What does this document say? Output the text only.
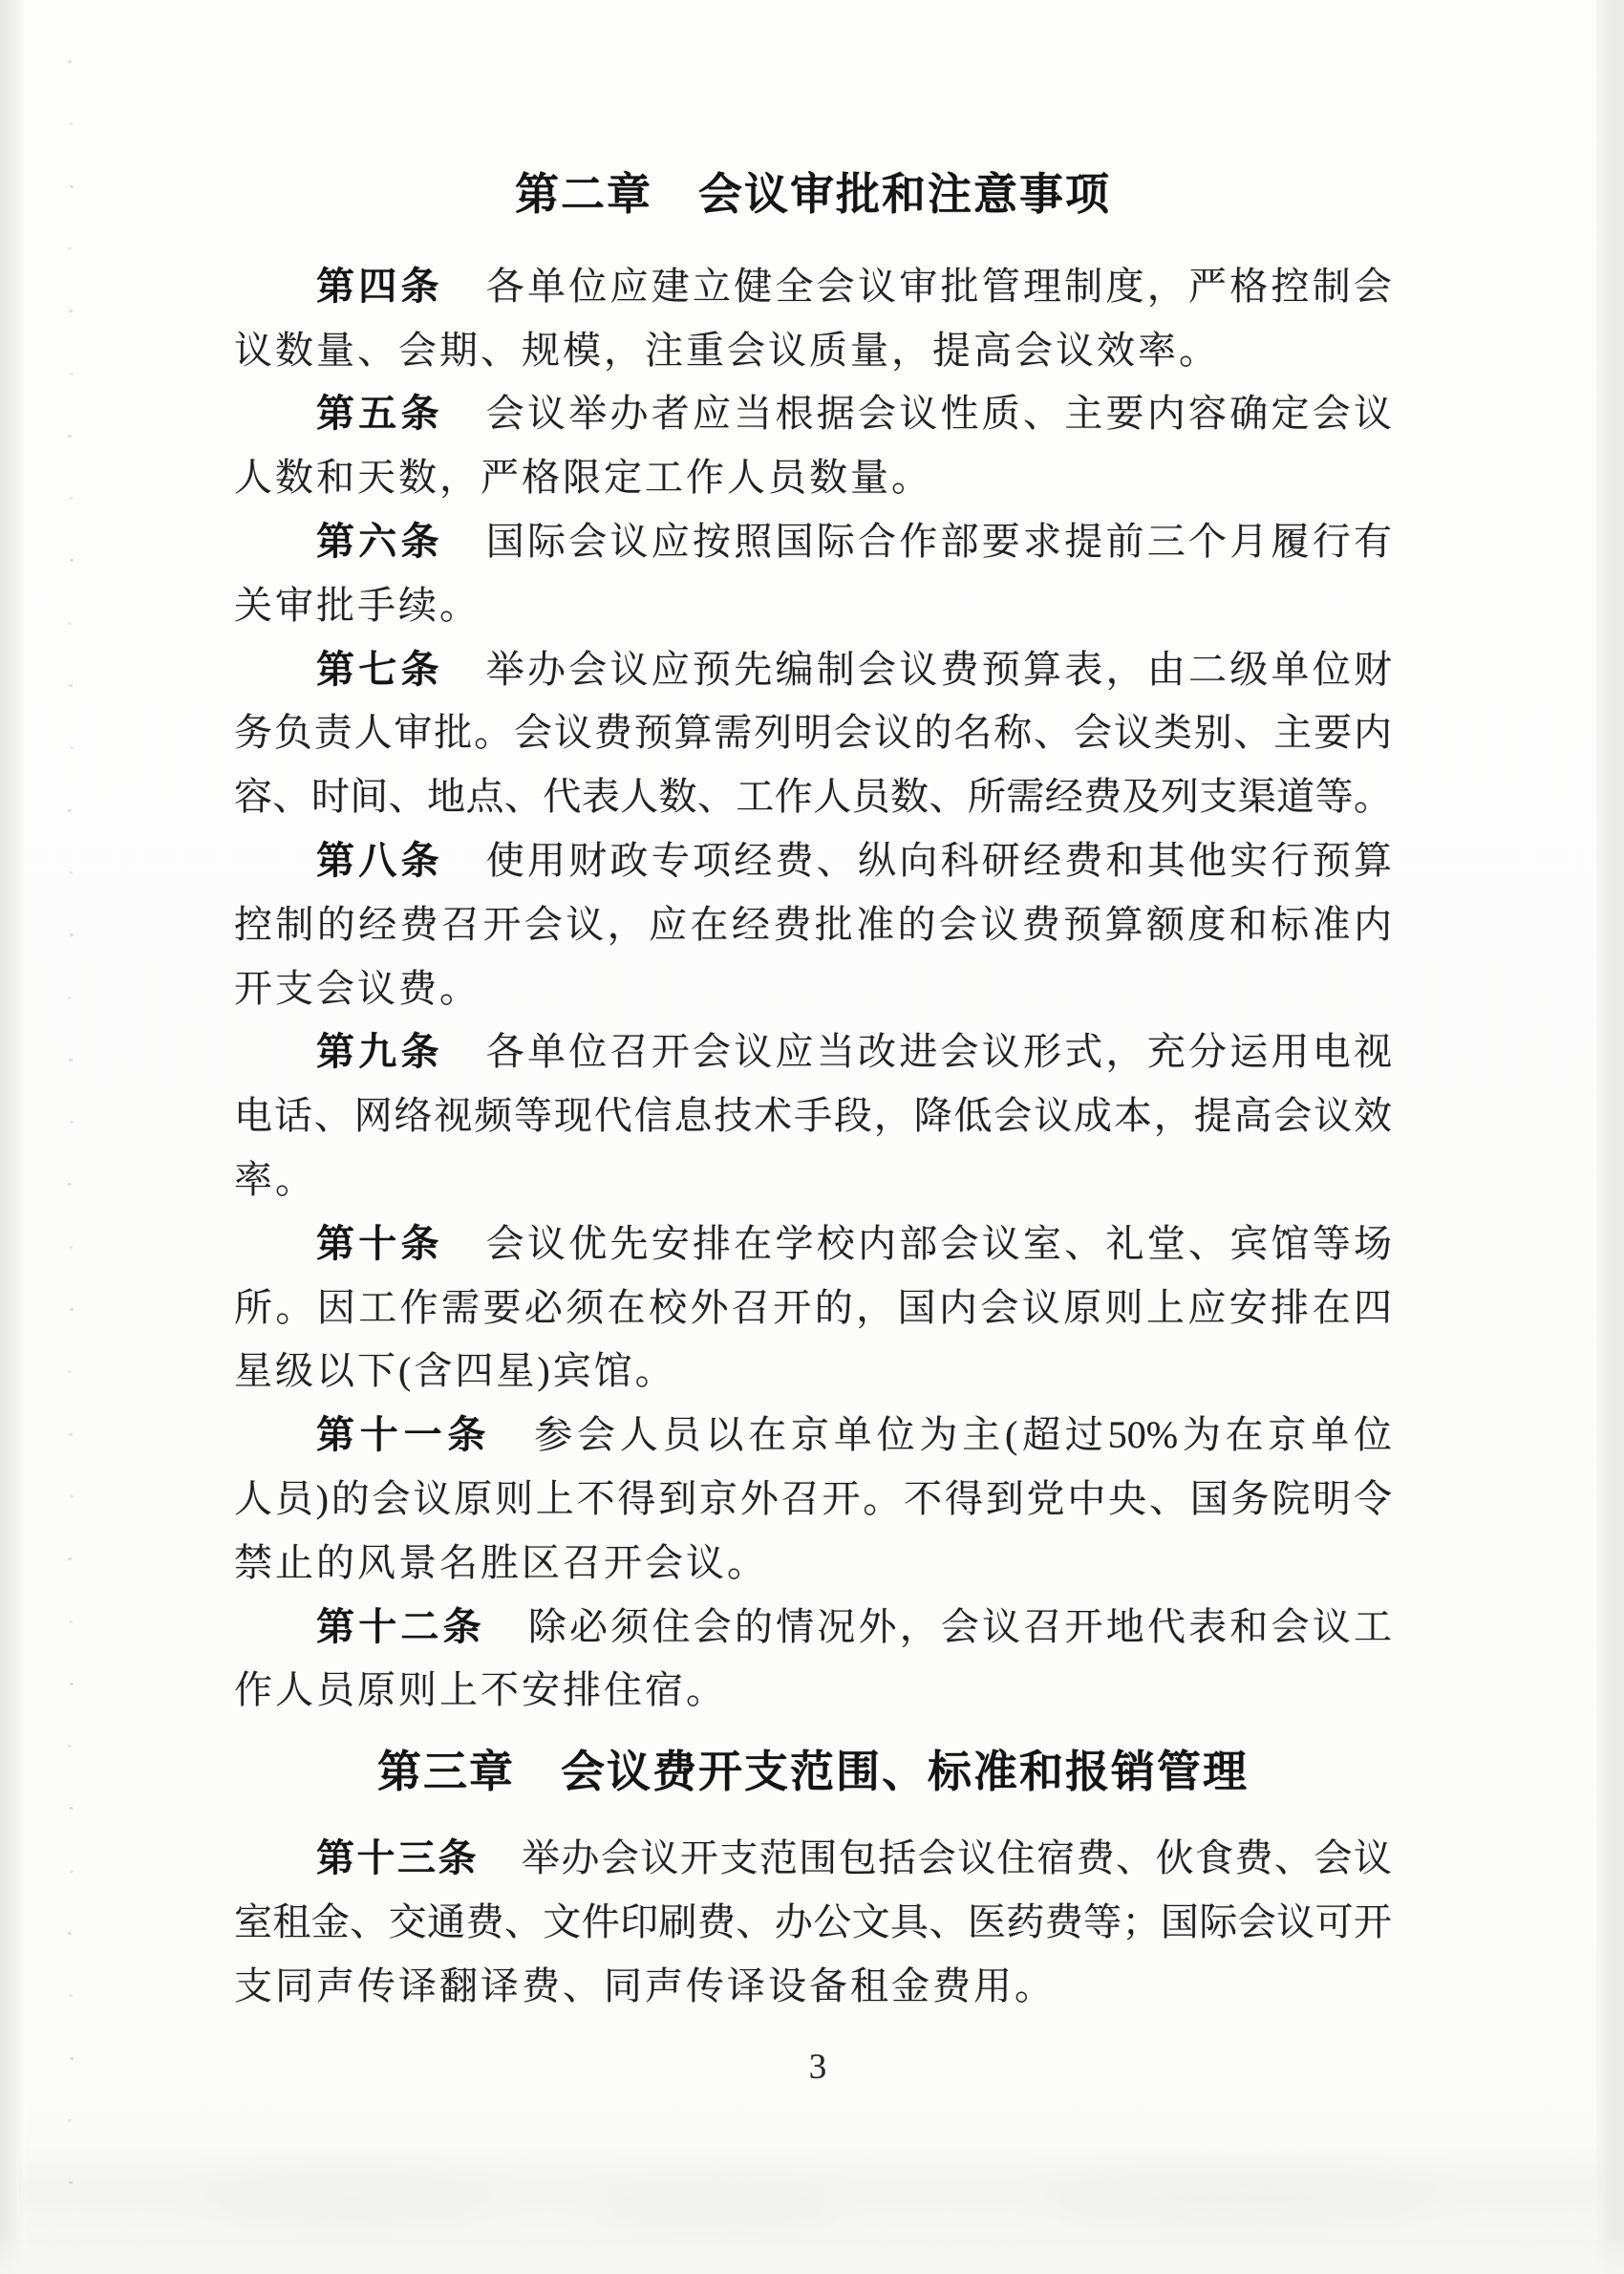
第二章　会议审批和注意事项
第四条 各单位应建立健全会议审批管理制度，严格控制会
议数量、会期、规模，注重会议质量，提高会议效率。
第五条 会议举办者应当根据会议性质、主要内容确定会议
人数和天数，严格限定工作人员数量。
第六条 国际会议应按照国际合作部要求提前三个月履行有
关审批手续。
第七条 举办会议应预先编制会议费预算表，由二级单位财
务负责人审批。会议费预算需列明会议的名称、会议类别、主要内
容、时间、地点、代表人数、工作人员数、所需经费及列支渠道等。
第八条 使用财政专项经费、纵向科研经费和其他实行预算
控制的经费召开会议，应在经费批准的会议费预算额度和标准内
开支会议费。
第九条 各单位召开会议应当改进会议形式，充分运用电视
电话、网络视频等现代信息技术手段，降低会议成本，提高会议效
率。
第十条 会议优先安排在学校内部会议室、礼堂、宾馆等场
所。因工作需要必须在校外召开的，国内会议原则上应安排在四
星级以下(含四星)宾馆。
第十一条 参会人员以在京单位为主(超过50%为在京单位
人员)的会议原则上不得到京外召开。不得到党中央、国务院明令
禁止的风景名胜区召开会议。
第十二条 除必须住会的情况外，会议召开地代表和会议工
作人员原则上不安排住宿。
第三章　会议费开支范围、标准和报销管理
第十三条 举办会议开支范围包括会议住宿费、伙食费、会议
室租金、交通费、文件印刷费、办公文具、医药费等；国际会议可开
支同声传译翻译费、同声传译设备租金费用。
3
